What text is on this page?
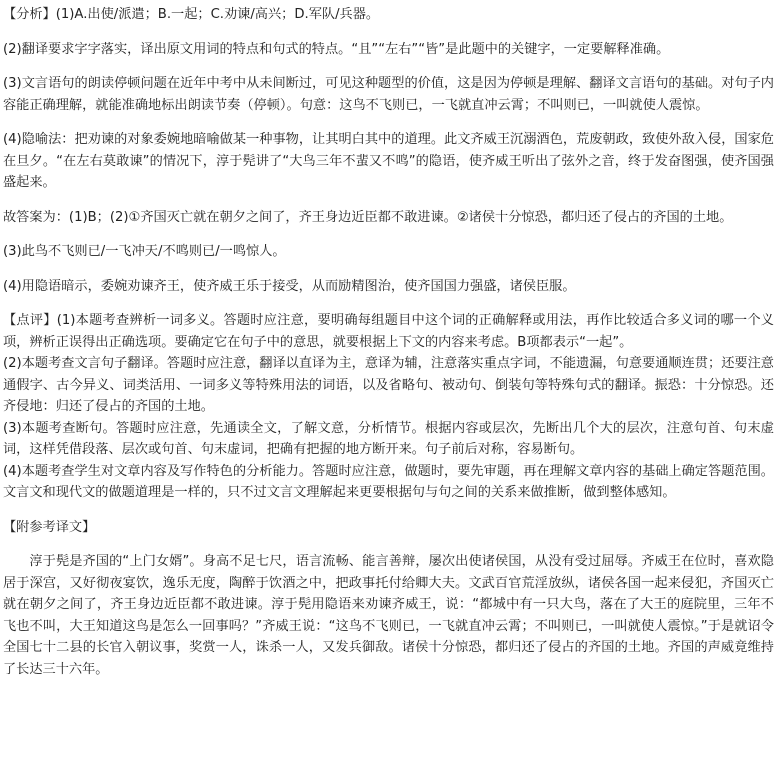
【分析】(1)A.出使/派遣；B.一起；C.劝谏/高兴；D.军队/兵器。

(2)翻译要求字字落实，译出原文用词的特点和句式的特点。“且”“左右”“皆”是此题中的关键字，一定要解释准确。

(3)文言语句的朗读停顿问题在近年中考中从未间断过，可见这种题型的价值，这是因为停顿是理解、翻译文言语句的基础。对句子内容能正确理解，就能准确地标出朗读节奏（停顿）。句意：这鸟不飞则已，一飞就直冲云霄；不叫则已，一叫就使人震惊。

(4)隐喻法：把劝谏的对象委婉地暗喻做某一种事物，让其明白其中的道理。此文齐威王沉溺酒色，荒废朝政，致使外敌入侵，国家危在旦夕。“在左右莫敢谏”的情况下，淳于髡讲了“大鸟三年不蜚又不鸣”的隐语，使齐威王听出了弦外之音，终于发奋图强，使齐国强盛起来。

故答案为：(1)B；(2)①齐国灭亡就在朝夕之间了，齐王身边近臣都不敢进谏。②诸侯十分惊恐，都归还了侵占的齐国的土地。

(3)此鸟不飞则已/一飞冲天/不鸣则已/一鸣惊人。

(4)用隐语暗示，委婉劝谏齐王，使齐威王乐于接受，从而励精图治，使齐国国力强盛，诸侯臣服。

【点评】(1)本题考查辨析一词多义。答题时应注意，要明确每组题目中这个词的正确解释或用法，再作比较适合多义词的哪一个义项，辨析正误得出正确选项。要确定它在句子中的意思，就要根据上下文的内容来考虑。B项都表示“一起”。

(2)本题考查文言句子翻译。答题时应注意，翻译以直译为主，意译为辅，注意落实重点字词，不能遗漏，句意要通顺连贯；还要注意通假字、古今异义、词类活用、一词多义等特殊用法的词语，以及省略句、被动句、倒装句等特殊句式的翻译。振恐：十分惊恐。还齐侵地：归还了侵占的齐国的土地。

(3)本题考查断句。答题时应注意，先通读全文，了解文意，分析情节。根据内容或层次，先断出几个大的层次，注意句首、句末虚词，这样凭借段落、层次或句首、句末虚词，把确有把握的地方断开来。句子前后对称，容易断句。

(4)本题考查学生对文章内容及写作特色的分析能力。答题时应注意，做题时，要先审题，再在理解文章内容的基础上确定答题范围。文言文和现代文的做题道理是一样的，只不过文言文理解起来更要根据句与句之间的关系来做推断，做到整体感知。

【附参考译文】

淳于髡是齐国的“上门女婿”。身高不足七尺，语言流畅、能言善辩，屡次出使诸侯国，从没有受过屈辱。齐威王在位时，喜欢隐居于深宫，又好彻夜宴饮，逸乐无度，陶醉于饮酒之中，把政事托付给卿大夫。文武百官荒淫放纵，诸侯各国一起来侵犯，齐国灭亡就在朝夕之间了，齐王身边近臣都不敢进谏。淳于髡用隐语来劝谏齐威王，说：“都城中有一只大鸟，落在了大王的庭院里，三年不飞也不叫，大王知道这鸟是怎么一回事吗？”齐威王说：“这鸟不飞则已，一飞就直冲云霄；不叫则已，一叫就使人震惊。”于是就诏令全国七十二县的长官入朝议事，奖赏一人，诛杀一人，又发兵御敌。诸侯十分惊恐，都归还了侵占的齐国的土地。齐国的声威竟维持了长达三十六年。
